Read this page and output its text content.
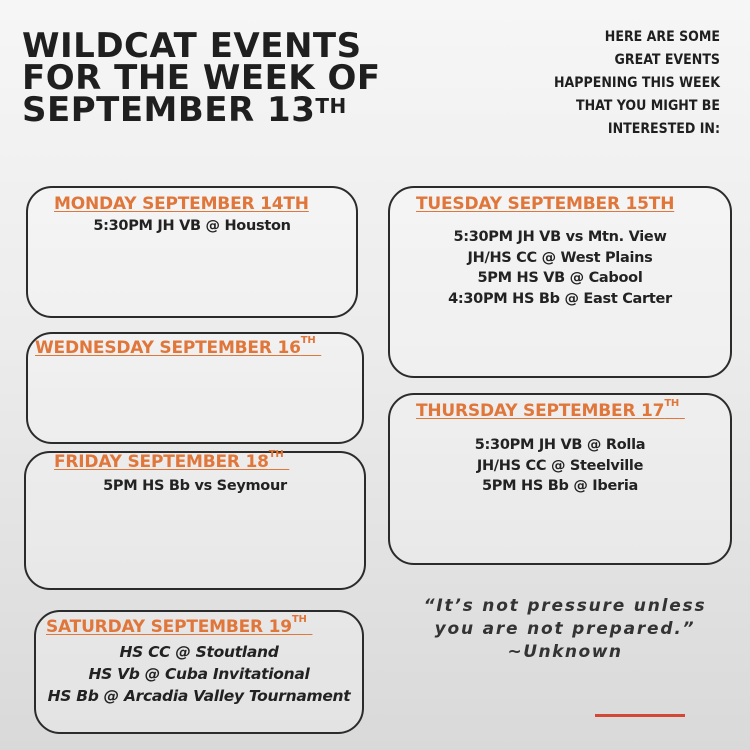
WILDCAT EVENTS
FOR THE WEEK OF
SEPTEMBER 13TH
HERE ARE SOME
GREAT EVENTS
HAPPENING THIS WEEK
THAT YOU MIGHT BE
INTERESTED IN:
MONDAY SEPTEMBER 14TH
5:30PM JH VB @ Houston
WEDNESDAY SEPTEMBER 16TH
FRIDAY SEPTEMBER 18TH
5PM HS Bb vs Seymour
SATURDAY SEPTEMBER 19TH
HS CC @ Stoutland
HS Vb @ Cuba Invitational
HS Bb @ Arcadia Valley Tournament
TUESDAY SEPTEMBER 15TH
5:30PM JH VB vs Mtn. View
JH/HS CC @ West Plains
5PM HS VB @ Cabool
4:30PM HS Bb @ East Carter
THURSDAY SEPTEMBER 17TH
5:30PM JH VB @ Rolla
JH/HS CC @ Steelville
5PM HS Bb @ Iberia
“It’s not pressure unless
you are not prepared.”
~Unknown
